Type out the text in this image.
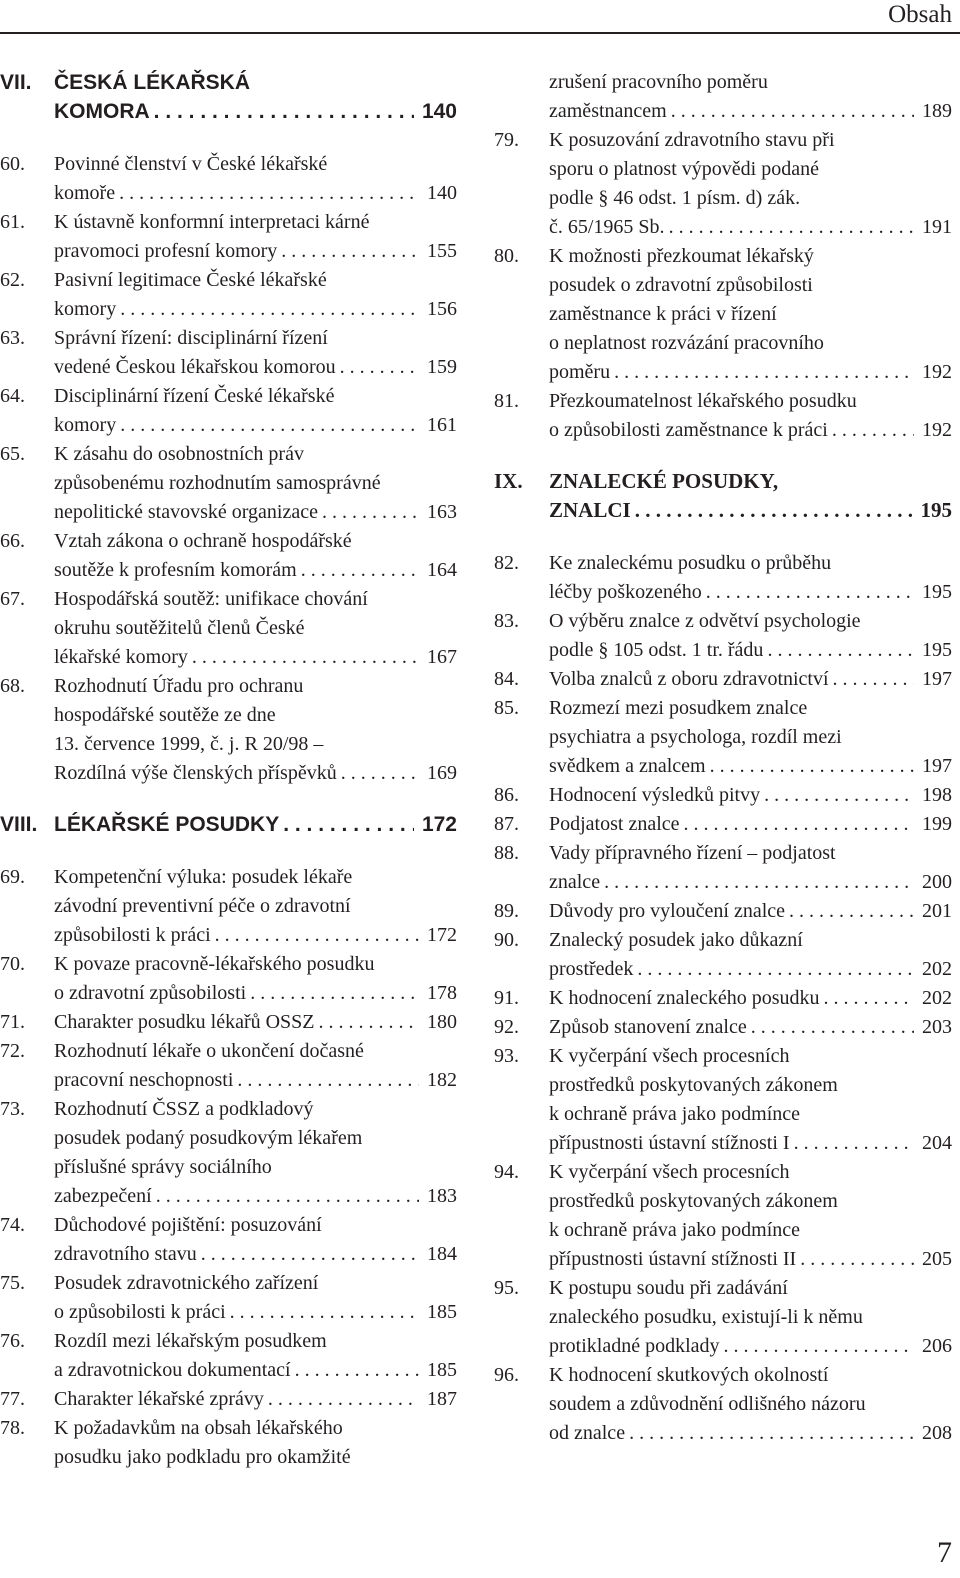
Obsah
VII.	ČESKÁ LÉKAŘSKÁ
KOMORA . . .	140
60.	Povinné členství v České lékařské
komoře . . .	140
61.	K ústavně konformní interpretaci kárné
pravomoci profesní komory . . .	155
62.	Pasivní legitimace České lékařské
komory . . .	156
63.	Správní řízení: disciplinární řízení
vedené Českou lékařskou komorou . . .	159
64.	Disciplinární řízení České lékařské
komory . . .	161
65.	K zásahu do osobnostních práv
způsobenému rozhodnutím samosprávné
nepolitické stavovské organizace . . .	163
66.	Vztah zákona o ochraně hospodářské
soutěže k profesním komorám . . .	164
67.	Hospodářská soutěž: unifikace chování
okruhu soutěžitelů členů České
lékařské komory . . .	167
68.	Rozhodnutí Úřadu pro ochranu
hospodářské soutěže ze dne
13. července 1999, č. j. R 20/98 –
Rozdílná výše členských příspěvků . . .	169
VIII. LÉKAŘSKÉ POSUDKY . . .	172
69.	Kompetenční výluka: posudek lékaře
závodní preventivní péče o zdravotní
způsobilosti k práci . . .	172
70.	K povaze pracovně-lékařského posudku
o zdravotní způsobilosti . . .	178
71.	Charakter posudku lékařů OSSZ . . .	180
72.	Rozhodnutí lékaře o ukončení dočasné
pracovní neschopnosti . . .	182
73.	Rozhodnutí ČSSZ a podkladový
posudek podaný posudkovým lékařem
příslušné správy sociálního
zabezpečení . . .	183
74.	Důchodové pojištění: posuzování
zdravotního stavu . . .	184
75.	Posudek zdravotnického zařízení
o způsobilosti k práci . . .	185
76.	Rozdíl mezi lékařským posudkem
a zdravotnickou dokumentací . . .	185
77.	Charakter lékařské zprávy . . .	187
78.	K požadavkům na obsah lékařského
posudku jako podkladu pro okamžité
zrušení pracovního poměru
zaměstnancem . . .	189
79.	K posuzování zdravotního stavu při
sporu o platnost výpovědi podané
podle § 46 odst. 1 písm. d) zák.
č. 65/1965 Sb. . . .	191
80.	K možnosti přezkoumat lékařský
posudek o zdravotní způsobilosti
zaměstnance k práci v řízení
o neplatnost rozvázání pracovního
poměru . . .	192
81.	Přezkoumatelnost lékařského posudku
o způsobilosti zaměstnance k práci . . .	192
IX.	ZNALECKÉ POSUDKY,
ZNALCI . . .	195
82.	Ke znaleckému posudku o průběhu
léčby poškozeného . . .	195
83.	O výběru znalce z odvětví psychologie
podle § 105 odst. 1 tr. řádu . . .	195
84.	Volba znalců z oboru zdravotnictví . . .	197
85.	Rozmezí mezi posudkem znalce
psychiatra a psychologa, rozdíl mezi
svědkem a znalcem . . .	197
86.	Hodnocení výsledků pitvy . . .	198
87.	Podjatost znalce . . .	199
88.	Vady přípravného řízení – podjatost
znalce . . .	200
89.	Důvody pro vyloučení znalce . . .	201
90.	Znalecký posudek jako důkazní
prostředek . . .	202
91.	K hodnocení znaleckého posudku . . .	202
92.	Způsob stanovení znalce . . .	203
93.	K vyčerpání všech procesních
prostředků poskytovaných zákonem
k ochraně práva jako podmínce
přípustnosti ústavní stížnosti I . . .	204
94.	K vyčerpání všech procesních
prostředků poskytovaných zákonem
k ochraně práva jako podmínce
přípustnosti ústavní stížnosti II . . .	205
95.	K postupu soudu při zadávání
znaleckého posudku, existují-li k němu
protikladné podklady . . .	206
96.	K hodnocení skutkových okolností
soudem a zdůvodnění odlišného názoru
od znalce . . .	208
7
